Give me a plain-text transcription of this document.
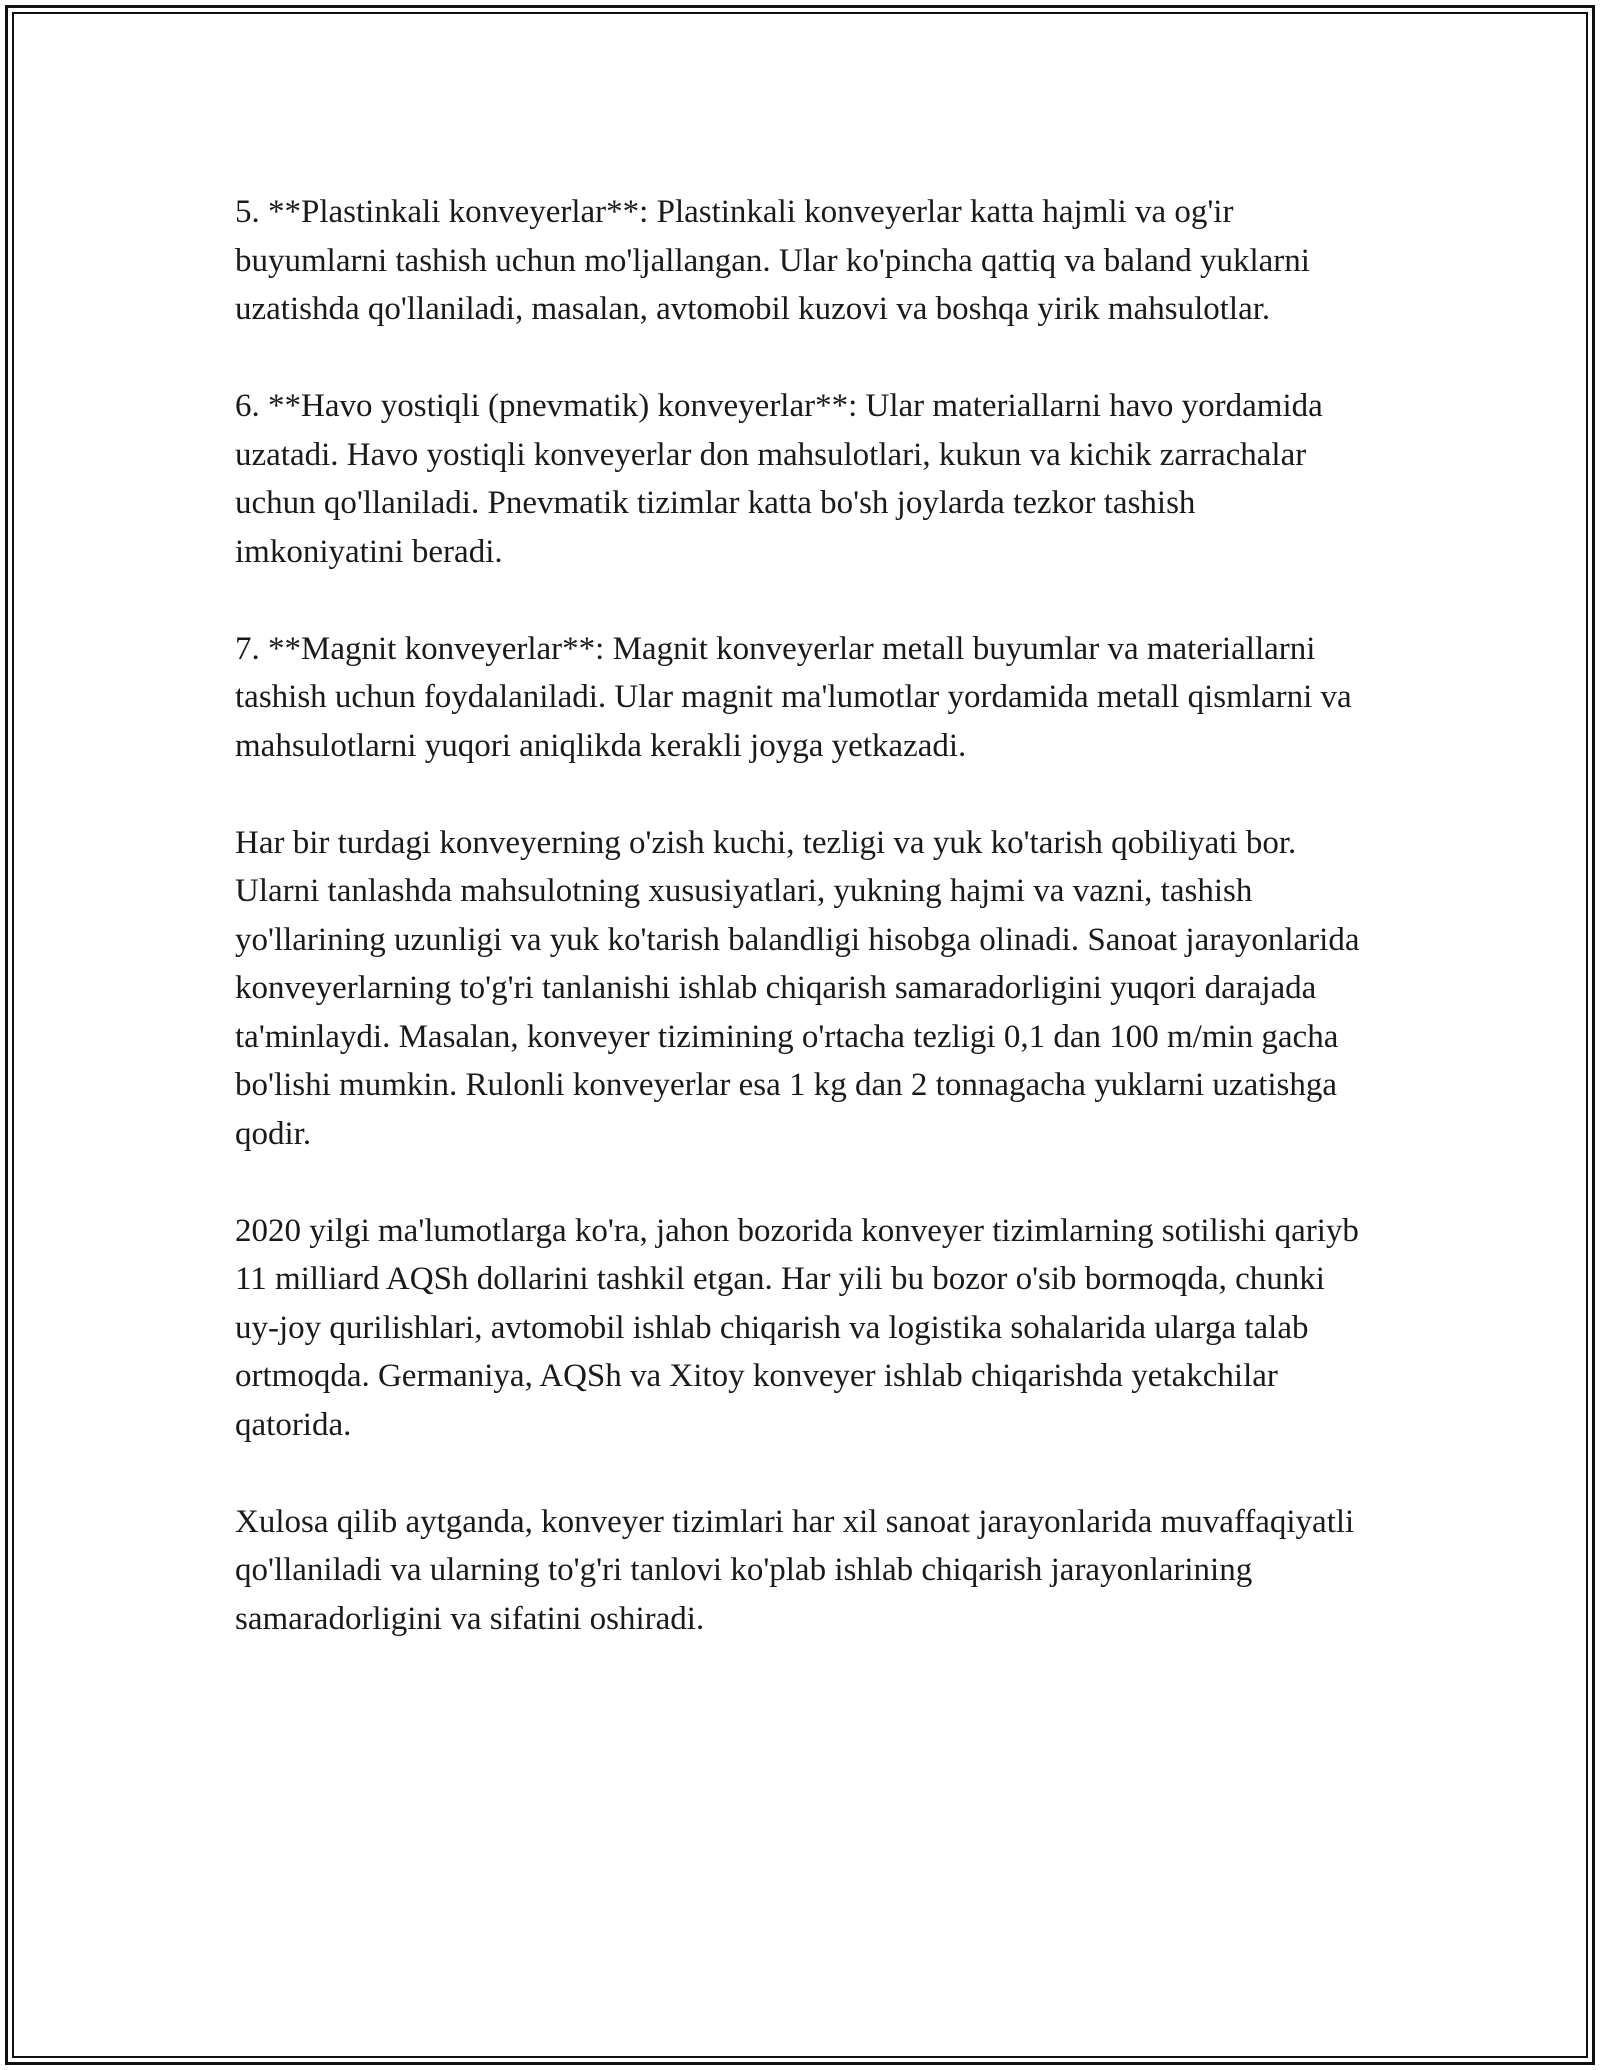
5. **Plastinkali konveyerlar**: Plastinkali konveyerlar katta hajmli va og'ir buyumlarni tashish uchun mo'ljallangan. Ular ko'pincha qattiq va baland yuklarni uzatishda qo'llaniladi, masalan, avtomobil kuzovi va boshqa yirik mahsulotlar.

6. **Havo yostiqli (pnevmatik) konveyerlar**: Ular materiallarni havo yordamida uzatadi. Havo yostiqli konveyerlar don mahsulotlari, kukun va kichik zarrachalar uchun qo'llaniladi. Pnevmatik tizimlar katta bo'sh joylarda tezkor tashish imkoniyatini beradi.

7. **Magnit konveyerlar**: Magnit konveyerlar metall buyumlar va materiallarni tashish uchun foydalaniladi. Ular magnit ma'lumotlar yordamida metall qismlarni va mahsulotlarni yuqori aniqlikda kerakli joyga yetkazadi.

Har bir turdagi konveyerning o'zish kuchi, tezligi va yuk ko'tarish qobiliyati bor. Ularni tanlashda mahsulotning xususiyatlari, yukning hajmi va vazni, tashish yo'llarining uzunligi va yuk ko'tarish balandligi hisobga olinadi. Sanoat jarayonlarida konveyerlarning to'g'ri tanlanishi ishlab chiqarish samaradorligini yuqori darajada ta'minlaydi. Masalan, konveyer tizimining o'rtacha tezligi 0,1 dan 100 m/min gacha bo'lishi mumkin. Rulonli konveyerlar esa 1 kg dan 2 tonnagacha yuklarni uzatishga qodir.

2020 yilgi ma'lumotlarga ko'ra, jahon bozorida konveyer tizimlarning sotilishi qariyb 11 milliard AQSh dollarini tashkil etgan. Har yili bu bozor o'sib bormoqda, chunki uy-joy qurilishlari, avtomobil ishlab chiqarish va logistika sohalarida ularga talab ortmoqda. Germaniya, AQSh va Xitoy konveyer ishlab chiqarishda yetakchilar qatorida.

Xulosa qilib aytganda, konveyer tizimlari har xil sanoat jarayonlarida muvaffaqiyatli qo'llaniladi va ularning to'g'ri tanlovi ko'plab ishlab chiqarish jarayonlarining samaradorligini va sifatini oshiradi.
